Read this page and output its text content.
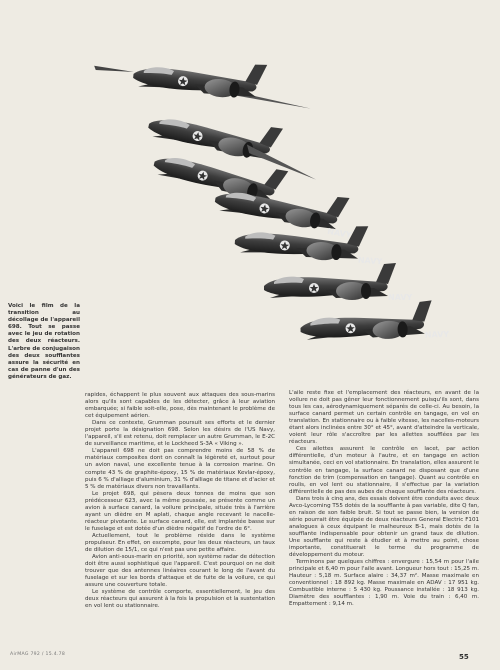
NAVY
NAVY
NAVY
NAVY

Voici le film de la transition au décollage de l'appareil 698. Tout se passe avec le jeu de rotation des deux réacteurs. L'arbre de conjugaison des deux soufflantes assure la sécurité en cas de panne d'un des générateurs de gaz.

rapides, échappent le plus souvent aux attaques des sous-marins alors qu'ils sont capables de les détecter, grâce à leur aviation embarquée; si faible soit-elle, pose, dès maintenant le problème de cet équipement aérien.

Dans ce contexte, Grumman poursuit ses efforts et le dernier projet porte la désignation 698. Selon les désirs de l'US Navy, l'appareil, s'il est retenu, doit remplacer un autre Grumman, le E-2C de surveillance maritime, et le Lockheed S-3A « Viking ».

L'appareil 698 ne doit pas comprendre moins de 58 % de matériaux composites dont on connaît la légèreté et, surtout pour un avion naval, une excellente tenue à la corrosion marine. On compte 43 % de graphite-époxy, 15 % de matériaux Kevlar-époxy, puis 6 % d'alliage d'aluminium, 31 % d'alliage de titane et d'acier et 5 % de matériaux divers non travaillants.

Le projet 698, qui pèsera deux tonnes de moins que son prédécesseur 623, avec la même poussée, se présente comme un avion à surface canard, la voilure principale, située très à l'arrière ayant un dièdre en M aplati, chaque angle recevant le nacelle-réacteur pivotante. Le surface canard, elle, est implantée basse sur le fuselage et est dotée d'un dièdre négatif de l'ordre de 6°.

Actuellement, tout le problème réside dans le système propulseur. En effet, on escompte, pour les deux réacteurs, un taux de dilution de 15/1, ce qui n'est pas une petite affaire.

Avion anti-sous-marin en priorité, son système radar de détection doit être aussi sophistiqué que l'appareil. C'est pourquoi on ne doit trouver que des antennes linéaires courant le long de l'avant du fuselage et sur les bords d'attaque et de fuite de la voilure, ce qui assure une couverture totale.

Le système de contrôle comporte, essentiellement, le jeu des deux réacteurs qui assurent à la fois la propulsion et la sustentation en vol lent ou stationnaire.

L'aile reste fixe et l'emplacement des réacteurs, en avant de la voilure ne doit pas gêner leur fonctionnement puisqu'ils sont, dans tous les cas, aérodynamiquement séparés de celle-ci. Au besoin, la surface canard permet un certain contrôle en tangage, en vol en translation. En stationnaire ou à faible vitesse, les nacelles-moteurs étant alors inclinées entre 30° et 45°, avant d'atteindre la verticale, voient leur rôle s'accroître par les ailettes soufflées par les réacteurs.

Ces ailettes assurent le contrôle en lacet, par action différentielle, d'un moteur à l'autre, et en tangage en action simultanée, ceci en vol stationnaire. En translation, elles assurent le contrôle en tangage, la surface canard ne disposant que d'une fonction de trim (compensation en tangage). Quant au contrôle en roulis, en vol lent ou stationnaire, il s'effectue par la variation différentielle de pas des aubes de chaque soufflante des réacteurs.

Dans trois à cinq ans, des essais doivent être conduits avec deux Avco-Lycoming T55 dotés de la soufflante à pas variable, dite Q fan, en raison de son faible bruit. Si tout se passe bien, la version de série pourrait être équipée de deux réacteurs General Electric F101 analogues à ceux équipant le malheureux B-1, mais dotés de la soufflante indispensable pour obtenir un grand taux de dilution. Une soufflante qui reste à étudier et à mettre au point, chose importante, constituerait le terme du programme de développement du moteur.

Terminons par quelques chiffres : envergure : 15,54 m pour l'aile principale et 6,40 m pour l'aile avant. Longueur hors tout : 15,25 m. Hauteur : 5,18 m. Surface alaire : 34,37 m². Masse maximale en conventionnel : 18 892 kg. Masse maximale en ADAV : 17 951 kg. Combustible interne : 5 430 kg. Poussance installée : 18 913 kg. Diamètre des soufflantes : 1,90 m. Voie du train : 6,40 m. Empattement : 9,14 m.

AirMAG 792 / 15.4.78	55
